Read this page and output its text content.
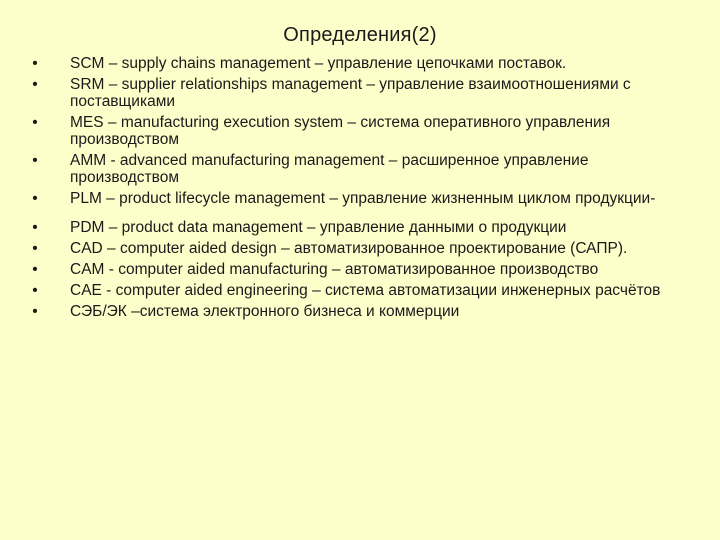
Определения(2)
• SCM – supply chains management – управление цепочками поставок.
• SRM – supplier relationships management – управление взаимоотношениями с поставщиками
• MES – manufacturing execution system – система оперативного управления производством
• AMM - advanced manufacturing management – расширенное управление производством
• PLM – product lifecycle management – управление жизненным циклом продукции-
• PDM – product data management – управление данными о продукции
• CAD – computer aided design – автоматизированное проектирование (САПР).
• CAM - computer aided manufacturing – автоматизированное производство
• CAE - computer aided engineering – система автоматизации инженерных расчётов
• СЭБ/ЭК –система электронного бизнеса и коммерции
